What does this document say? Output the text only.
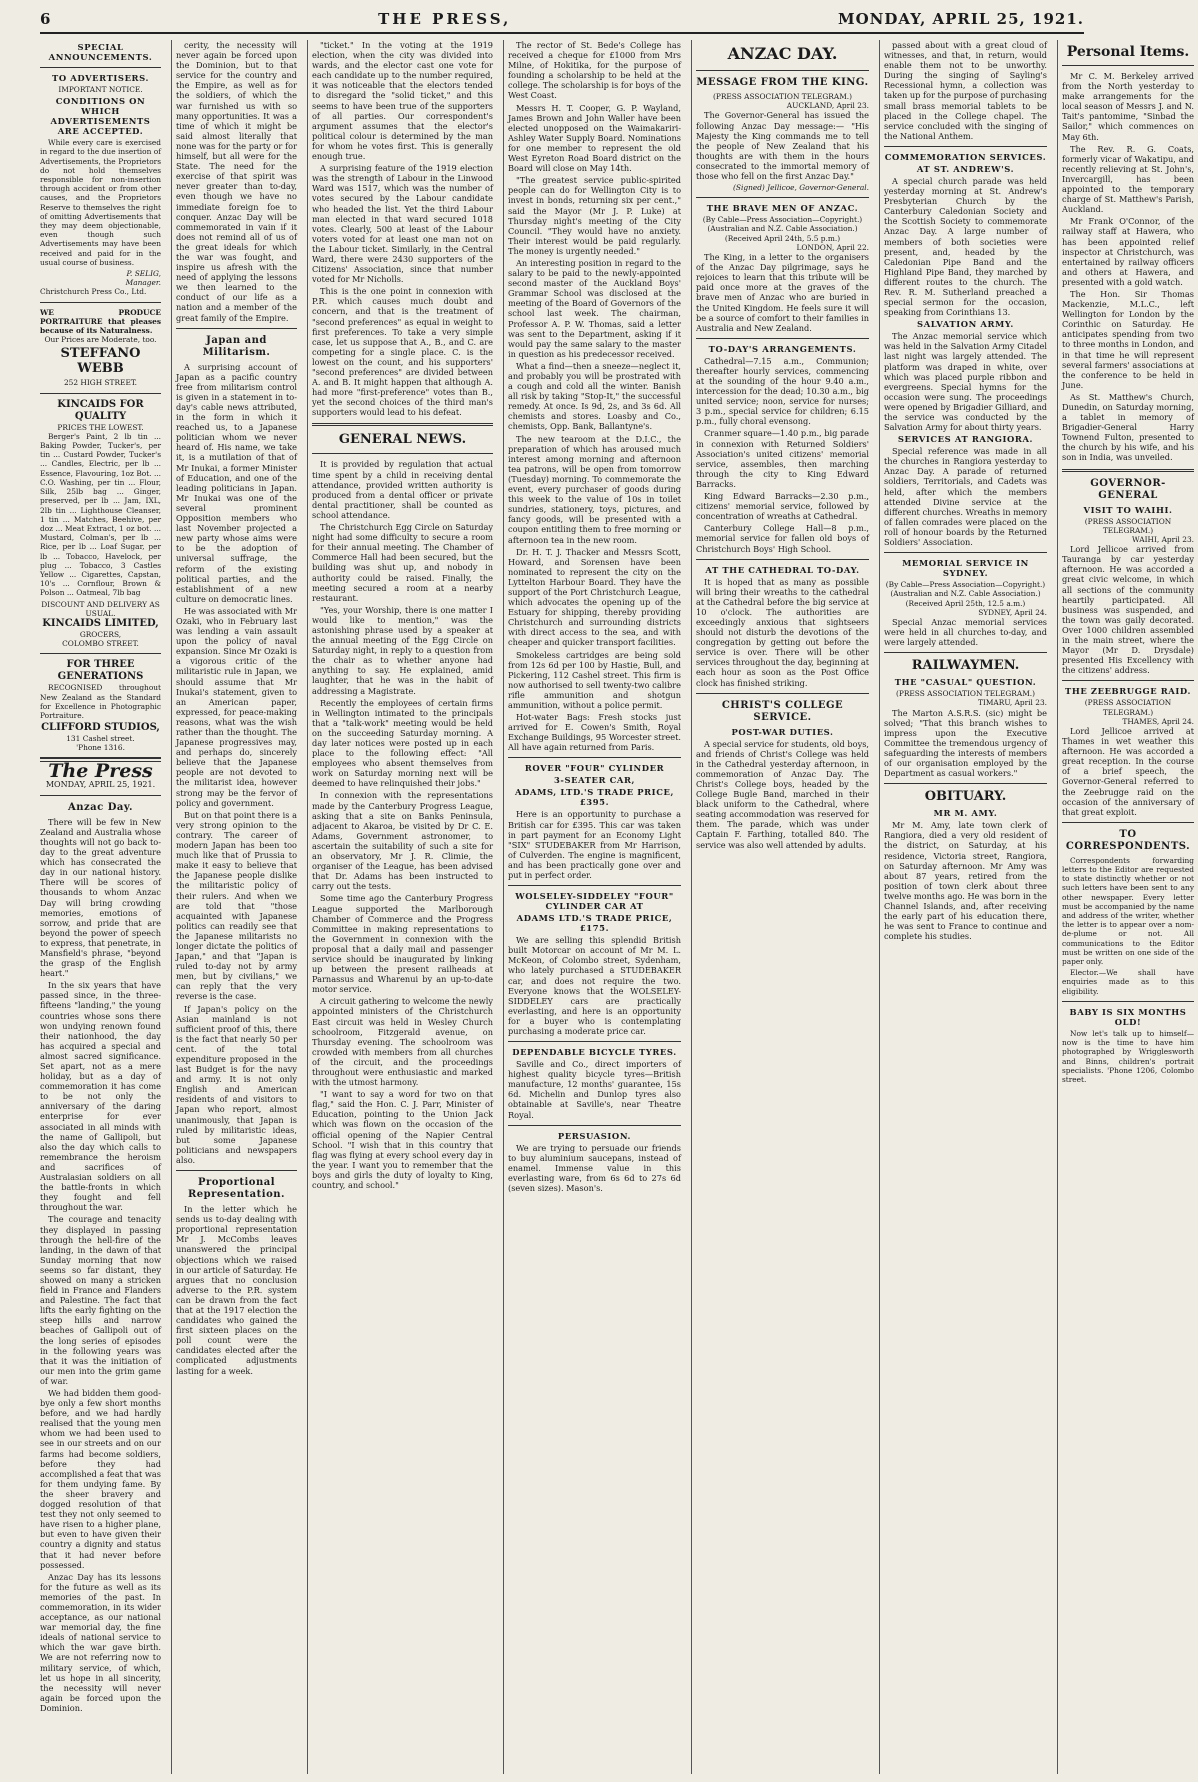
6	THE PRESS,	MONDAY, APRIL 25, 1921.
SPECIAL ANNOUNCEMENTS.
TO ADVERTISERS.
IMPORTANT NOTICE.
CONDITIONS ON WHICH ADVERTISEMENTS ARE ACCEPTED.

While every care is exercised in regard to the due insertion of Advertisements, the Proprietors do not hold themselves responsible for non-insertion through accident or from other causes, and the Proprietors Reserve to themselves the right of omitting Advertisements that they may deem objectionable, even though such Advertisements may have been received and paid for in the usual course of business.

P. SELIG,
Manager.
Christchurch Press Co., Ltd.
WE PRODUCE PORTRAITURE that pleases because of its Naturalness.
Our Prices are Moderate, too.
STEFFANO WEBB
252 HIGH STREET.
KINCAIDS FOR QUALITY
PRICES THE LOWEST.

Berger's Paint, 2 lb tin ... Baking Powder, Tucker's, per tin ... Custard Powder, Tucker's ... Candles, Electric, per lb ... Essence, Flavouring, 1oz Bot. ... C.O. Washing, per tin ... Flour, Silk, 25lb bag ... Ginger, preserved, per lb ... Jam, IXL, 2lb tin ... Lighthouse Cleanser, 1 tin ... Matches, Beehive, per doz ... Meat Extract, 1 oz bot. ... Mustard, Colman's, per lb ... Rice, per lb ... Loaf Sugar, per lb ... Tobacco, Havelock, per plug ... Tobacco, 3 Castles Yellow ... Cigarettes, Capstan, 10's ... Cornflour, Brown & Polson ... Oatmeal, 7lb bag

DISCOUNT AND DELIVERY AS USUAL.
KINCAIDS LIMITED,
GROCERS,
COLOMBO STREET.
FOR THREE GENERATIONS

RECOGNISED throughout New Zealand as the Standard for Excellence in Photographic Portraiture.

CLIFFORD STUDIOS,
131 Cashel street.
'Phone 1316.
The Press
MONDAY, APRIL 25, 1921.
Anzac Day.

There will be few in New Zealand and Australia whose thoughts will not go back to-day to the great adventure which has consecrated the day in our national history. There will be scores of thousands to whom Anzac Day will bring crowding memories, emotions of sorrow, and pride that are beyond the power of speech to express, that penetrate, in Mansfield's phrase, "beyond the grasp of the English heart."

In the six years that have passed since, in the three-fifteens "landing," the young countries whose sons there won undying renown found their nationhood, the day has acquired a special and almost sacred significance. Set apart, not as a mere holiday, but as a day of commemoration it has come to be not only the anniversary of the daring enterprise for ever associated in all minds with the name of Gallipoli, but also the day which calls to remembrance the heroism and sacrifices of Australasian soldiers on all the battle-fronts in which they fought and fell throughout the war.

The courage and tenacity they displayed in passing through the hell-fire of the landing, in the dawn of that Sunday morning that now seems so far distant, they showed on many a stricken field in France and Flanders and Palestine. The fact that lifts the early fighting on the steep hills and narrow beaches of Gallipoli out of the long series of episodes in the following years was that it was the initiation of our men into the grim game of war.

We had bidden them good-bye only a few short months before, and we had hardly realised that the young men whom we had been used to see in our streets and on our farms had become soldiers, before they had accomplished a feat that was for them undying fame. By the sheer bravery and dogged resolution of that test they not only seemed to have risen to a higher plane, but even to have given their country a dignity and status that it had never before possessed.

Anzac Day has its lessons for the future as well as its memories of the past. In commemoration, in its wider acceptance, as our national war memorial day, the fine ideals of national service to which the war gave birth. We are not referring now to military service, of which, let us hope in all sincerity, the necessity will never again be forced upon the Dominion.

cerity, the necessity will never again be forced upon the Dominion, but to that service for the country and the Empire, as well as for the soldiers, of which the war furnished us with so many opportunities. It was a time of which it might be said almost literally that none was for the party or for himself, but all were for the State. The need for the exercise of that spirit was never greater than to-day, even though we have no immediate foreign foe to conquer. Anzac Day will be commemorated in vain if it does not remind all of us of the great ideals for which the war was fought, and inspire us afresh with the need of applying the lessons we then learned to the conduct of our life as a nation and a member of the great family of the Empire.

Japan and Militarism.

A surprising account of Japan as a pacific country free from militarism control is given in a statement in to-day's cable news attributed, in the form in which it reached us, to a Japanese politician whom we never heard of. His name, we take it, is a mutilation of that of Mr Inukai, a former Minister of Education, and one of the leading politicians in Japan. Mr Inukai was one of the several prominent Opposition members who last November projected a new party whose aims were to be the adoption of universal suffrage, the reform of the existing political parties, and the establishment of a new culture on democratic lines.

He was associated with Mr Ozaki, who in February last was lending a vain assault upon the policy of naval expansion. Since Mr Ozaki is a vigorous critic of the militaristic rule in Japan, we should assume that Mr Inukai's statement, given to an American paper, expressed, for peace-making reasons, what was the wish rather than the thought. The Japanese progressives may, and perhaps do, sincerely believe that the Japanese people are not devoted to the militarist idea, however strong may be the fervor of policy and government.

But on that point there is a very strong opinion to the contrary. The career of modern Japan has been too much like that of Prussia to make it easy to believe that the Japanese people dislike the militaristic policy of their rulers. And when we are told that "those acquainted with Japanese politics can readily see that the Japanese militarists no longer dictate the politics of Japan," and that "Japan is ruled to-day not by army men, but by civilians," we can reply that the very reverse is the case.

If Japan's policy on the Asian mainland is not sufficient proof of this, there is the fact that nearly 50 per cent. of the total expenditure proposed in the last Budget is for the navy and army. It is not only English and American residents of and visitors to Japan who report, almost unanimously, that Japan is ruled by militaristic ideas, but some Japanese politicians and newspapers also.

Proportional Representation.

In the letter which he sends us to-day dealing with proportional representation Mr J. McCombs leaves unanswered the principal objections which we raised in our article of Saturday. He argues that no conclusion adverse to the P.R. system can be drawn from the fact that at the 1917 election the candidates who gained the first sixteen places on the poll count were the candidates elected after the complicated adjustments lasting for a week.

"ticket." In the voting at the 1919 election, when the city was divided into wards, and the elector cast one vote for each candidate up to the number required, it was noticeable that the electors tended to disregard the "solid ticket," and this seems to have been true of the supporters of all parties. Our correspondent's argument assumes that the elector's political colour is determined by the man for whom he votes first. This is generally enough true.

A surprising feature of the 1919 election was the strength of Labour in the Linwood Ward was 1517, which was the number of votes secured by the Labour candidate who headed the list. Yet the third Labour man elected in that ward secured 1018 votes. Clearly, 500 at least of the Labour voters voted for at least one man not on the Labour ticket. Similarly, in the Central Ward, there were 2430 supporters of the Citizens' Association, since that number voted for Mr Nicholls.

This is the one point in connexion with P.R. which causes much doubt and concern, and that is the treatment of "second preferences" as equal in weight to first preferences. To take a very simple case, let us suppose that A., B., and C. are competing for a single place. C. is the lowest on the count, and his supporters' "second preferences" are divided between A. and B. It might happen that although A. had more "first-preference" votes than B., yet the second choices of the third man's supporters would lead to his defeat.

GENERAL NEWS.

It is provided by regulation that actual time spent by a child in receiving dental attendance, provided written authority is produced from a dental officer or private dental practitioner, shall be counted as school attendance.

The Christchurch Egg Circle on Saturday night had some difficulty to secure a room for their annual meeting. The Chamber of Commerce Hall had been secured, but the building was shut up, and nobody in authority could be raised. Finally, the meeting secured a room at a nearby restaurant.

"Yes, your Worship, there is one matter I would like to mention," was the astonishing phrase used by a speaker at the annual meeting of the Egg Circle on Saturday night, in reply to a question from the chair as to whether anyone had anything to say. He explained, amid laughter, that he was in the habit of addressing a Magistrate.

Recently the employees of certain firms in Wellington intimated to the principals that a "talk-work" meeting would be held on the succeeding Saturday morning. A day later notices were posted up in each place to the following effect: "All employees who absent themselves from work on Saturday morning next will be deemed to have relinquished their jobs."

In connexion with the representations made by the Canterbury Progress League, asking that a site on Banks Peninsula, adjacent to Akaroa, be visited by Dr C. E. Adams, Government astronomer, to ascertain the suitability of such a site for an observatory, Mr J. R. Climie, the organiser of the League, has been advised that Dr. Adams has been instructed to carry out the tests.

Some time ago the Canterbury Progress League supported the Marlborough Chamber of Commerce and the Progress Committee in making representations to the Government in connexion with the proposal that a daily mail and passenger service should be inaugurated by linking up between the present railheads at Parnassus and Wharenui by an up-to-date motor service.

A circuit gathering to welcome the newly appointed ministers of the Christchurch East circuit was held in Wesley Church schoolroom, Fitzgerald avenue, on Thursday evening. The schoolroom was crowded with members from all churches of the circuit, and the proceedings throughout were enthusiastic and marked with the utmost harmony.

"I want to say a word for two on that flag," said the Hon. C. J. Parr, Minister of Education, pointing to the Union Jack which was flown on the occasion of the official opening of the Napier Central School. "I wish that in this country that flag was flying at every school every day in the year. I want you to remember that the boys and girls the duty of loyalty to King, country, and school."

The rector of St. Bede's College has received a cheque for £1000 from Mrs Milne, of Hokitika, for the purpose of founding a scholarship to be held at the college. The scholarship is for boys of the West Coast.

Messrs H. T. Cooper, G. P. Wayland, James Brown and John Waller have been elected unopposed on the Waimakariri-Ashley Water Supply Board. Nominations for one member to represent the old West Eyreton Road Board district on the Board will close on May 14th.

"The greatest service public-spirited people can do for Wellington City is to invest in bonds, returning six per cent.," said the Mayor (Mr J. P. Luke) at Thursday night's meeting of the City Council. "They would have no anxiety. Their interest would be paid regularly. The money is urgently needed."

An interesting position in regard to the salary to be paid to the newly-appointed second master of the Auckland Boys' Grammar School was disclosed at the meeting of the Board of Governors of the school last week. The chairman, Professor A. P. W. Thomas, said a letter was sent to the Department, asking if it would pay the same salary to the master in question as his predecessor received.

What a find—then a sneeze—neglect it, and probably you will be prostrated with a cough and cold all the winter. Banish all risk by taking "Stop-It," the successful remedy. At once. Is 9d, 2s, and 3s 6d. All chemists and stores. Loasby and Co., chemists, Opp. Bank, Ballantyne's.

The new tearoom at the D.I.C., the preparation of which has aroused much interest among morning and afternoon tea patrons, will be open from tomorrow (Tuesday) morning. To commemorate the event, every purchaser of goods during this week to the value of 10s in toilet sundries, stationery, toys, pictures, and fancy goods, will be presented with a coupon entitling them to free morning or afternoon tea in the new room.

Dr. H. T. J. Thacker and Messrs Scott, Howard, and Sorensen have been nominated to represent the city on the Lyttelton Harbour Board. They have the support of the Port Christchurch League, which advocates the opening up of the Estuary for shipping, thereby providing Christchurch and surrounding districts with direct access to the sea, and with cheaper and quicker transport facilities.

Smokeless cartridges are being sold from 12s 6d per 100 by Hastie, Bull, and Pickering, 112 Cashel street. This firm is now authorised to sell twenty-two calibre rifle ammunition and shotgun ammunition, without a police permit.

Hot-water Bags: Fresh stocks just arrived for E. Cowen's Smith, Royal Exchange Buildings, 95 Worcester street. All have again returned from Paris.

ROVER "FOUR" CYLINDER
3-SEATER CAR,
ADAMS, LTD.'S TRADE PRICE, £395.

Here is an opportunity to purchase a British car for £395. This car was taken in part payment for an Economy Light "SIX" STUDEBAKER from Mr Harrison, of Culverden. The engine is magnificent, and has been practically gone over and put in perfect order.

WOLSELEY-SIDDELEY "FOUR" CYLINDER CAR AT
ADAMS LTD.'S TRADE PRICE, £175.

We are selling this splendid British built Motorcar on account of Mr M. L. McKeon, of Colombo street, Sydenham, who lately purchased a STUDEBAKER car, and does not require the two. Everyone knows that the WOLSELEY-SIDDELEY cars are practically everlasting, and here is an opportunity for a buyer who is contemplating purchasing a moderate price car.

DEPENDABLE BICYCLE TYRES.

Saville and Co., direct importers of highest quality bicycle tyres—British manufacture, 12 months' guarantee, 15s 6d. Michelin and Dunlop tyres also obtainable at Saville's, near Theatre Royal.

PERSUASION.

We are trying to persuade our friends to buy aluminium saucepans, instead of enamel. Immense value in this everlasting ware, from 6s 6d to 27s 6d (seven sizes). Mason's.

ANZAC DAY.
MESSAGE FROM THE KING.
(PRESS ASSOCIATION TELEGRAM.)
AUCKLAND, April 23.

The Governor-General has issued the following Anzac Day message:— "His Majesty the King commands me to tell the people of New Zealand that his thoughts are with them in the hours consecrated to the immortal memory of those who fell on the first Anzac Day."

(Signed) Jellicoe, Governor-General.
THE BRAVE MEN OF ANZAC.
(By Cable—Press Association—Copyright.) (Australian and N.Z. Cable Association.)
(Received April 24th, 5.5 p.m.)
LONDON, April 22.

The King, in a letter to the organisers of the Anzac Day pilgrimage, says he rejoices to learn that this tribute will be paid once more at the graves of the brave men of Anzac who are buried in the United Kingdom. He feels sure it will be a source of comfort to their families in Australia and New Zealand.

TO-DAY'S ARRANGEMENTS.

Cathedral—7.15 a.m., Communion; thereafter hourly services, commencing at the sounding of the hour 9.40 a.m., intercession for the dead; 10.30 a.m., big united service; noon, service for nurses; 3 p.m., special service for children; 6.15 p.m., fully choral evensong.

Cranmer square—1.40 p.m., big parade in connexion with Returned Soldiers' Association's united citizens' memorial service, assembles, then marching through the city to King Edward Barracks.

King Edward Barracks—2.30 p.m., citizens' memorial service, followed by concentration of wreaths at Cathedral.

Canterbury College Hall—8 p.m., memorial service for fallen old boys of Christchurch Boys' High School.

AT THE CATHEDRAL TO-DAY.

It is hoped that as many as possible will bring their wreaths to the cathedral at the Cathedral before the big service at 10 o'clock. The authorities are exceedingly anxious that sightseers should not disturb the devotions of the congregation by getting out before the service is over. There will be other services throughout the day, beginning at each hour as soon as the Post Office clock has finished striking.

CHRIST'S COLLEGE SERVICE.
POST-WAR DUTIES.

A special service for students, old boys, and friends of Christ's College was held in the Cathedral yesterday afternoon, in commemoration of Anzac Day. The Christ's College boys, headed by the College Bugle Band, marched in their black uniform to the Cathedral, where seating accommodation was reserved for them. The parade, which was under Captain F. Farthing, totalled 840. The service was also well attended by adults.

passed about with a great cloud of witnesses, and that, in return, would enable them not to be unworthy. During the singing of Sayling's Recessional hymn, a collection was taken up for the purpose of purchasing small brass memorial tablets to be placed in the College chapel. The service concluded with the singing of the National Anthem.

COMMEMORATION SERVICES.
AT ST. ANDREW'S.

A special church parade was held yesterday morning at St. Andrew's Presbyterian Church by the Canterbury Caledonian Society and the Scottish Society to commemorate Anzac Day. A large number of members of both societies were present, and, headed by the Caledonian Pipe Band and the Highland Pipe Band, they marched by different routes to the church. The Rev. R. M. Sutherland preached a special sermon for the occasion, speaking from Corinthians 13.

SALVATION ARMY.

The Anzac memorial service which was held in the Salvation Army Citadel last night was largely attended. The platform was draped in white, over which was placed purple ribbon and evergreens. Special hymns for the occasion were sung. The proceedings were opened by Brigadier Gilliard, and the service was conducted by the Salvation Army for about thirty years.

SERVICES AT RANGIORA.

Special reference was made in all the churches in Rangiora yesterday to Anzac Day. A parade of returned soldiers, Territorials, and Cadets was held, after which the members attended Divine service at the different churches. Wreaths in memory of fallen comrades were placed on the roll of honour boards by the Returned Soldiers' Association.

MEMORIAL SERVICE IN SYDNEY.
(By Cable—Press Association—Copyright.) (Australian and N.Z. Cable Association.)
(Received April 25th, 12.5 a.m.)
SYDNEY, April 24.

Special Anzac memorial services were held in all churches to-day, and were largely attended.

RAILWAYMEN.
THE "CASUAL" QUESTION.
(PRESS ASSOCIATION TELEGRAM.)
TIMARU, April 23.

The Marton A.S.R.S. (sic) might be solved; "That this branch wishes to impress upon the Executive Committee the tremendous urgency of safeguarding the interests of members of our organisation employed by the Department as casual workers."

OBITUARY.
MR M. AMY.

Mr M. Amy, late town clerk of Rangiora, died a very old resident of the district, on Saturday, at his residence, Victoria street, Rangiora, on Saturday afternoon. Mr Amy was about 87 years, retired from the position of town clerk about three twelve months ago. He was born in the Channel Islands, and, after receiving the early part of his education there, he was sent to France to continue and complete his studies.

Personal Items.

Mr C. M. Berkeley arrived from the North yesterday to make arrangements for the local season of Messrs J. and N. Tait's pantomime, "Sinbad the Sailor," which commences on May 6th.

The Rev. R. G. Coats, formerly vicar of Wakatipu, and recently relieving at St. John's, Invercargill, has been appointed to the temporary charge of St. Matthew's Parish, Auckland.

Mr Frank O'Connor, of the railway staff at Hawera, who has been appointed relief inspector at Christchurch, was entertained by railway officers and others at Hawera, and presented with a gold watch.

The Hon. Sir Thomas Mackenzie, M.L.C., left Wellington for London by the Corinthic on Saturday. He anticipates spending from two to three months in London, and in that time he will represent several farmers' associations at the conference to be held in June.

As St. Matthew's Church, Dunedin, on Saturday morning, a tablet in memory of Brigadier-General Harry Townend Fulton, presented to the church by his wife, and his son in India, was unveiled.

GOVERNOR-GENERAL
VISIT TO WAIHI.
(PRESS ASSOCIATION TELEGRAM.)
WAIHI, April 23.

Lord Jellicoe arrived from Tauranga by car yesterday afternoon. He was accorded a great civic welcome, in which all sections of the community heartily participated. All business was suspended, and the town was gaily decorated. Over 1000 children assembled in the main street, where the Mayor (Mr D. Drysdale) presented His Excellency with the citizens' address.

THE ZEEBRUGGE RAID.
(PRESS ASSOCIATION TELEGRAM.)
THAMES, April 24.

Lord Jellicoe arrived at Thames in wet weather this afternoon. He was accorded a great reception. In the course of a brief speech, the Governor-General referred to the Zeebrugge raid on the occasion of the anniversary of that great exploit.

TO CORRESPONDENTS.

Correspondents forwarding letters to the Editor are requested to state distinctly whether or not such letters have been sent to any other newspaper. Every letter must be accompanied by the name and address of the writer, whether the letter is to appear over a nom-de-plume or not. All communications to the Editor must be written on one side of the paper only.

Elector.—We shall have enquiries made as to this eligibility.

BABY IS SIX MONTHS OLD!

Now let's talk up to himself—now is the time to have him photographed by Wrigglesworth and Binns, children's portrait specialists. 'Phone 1206, Colombo street.
